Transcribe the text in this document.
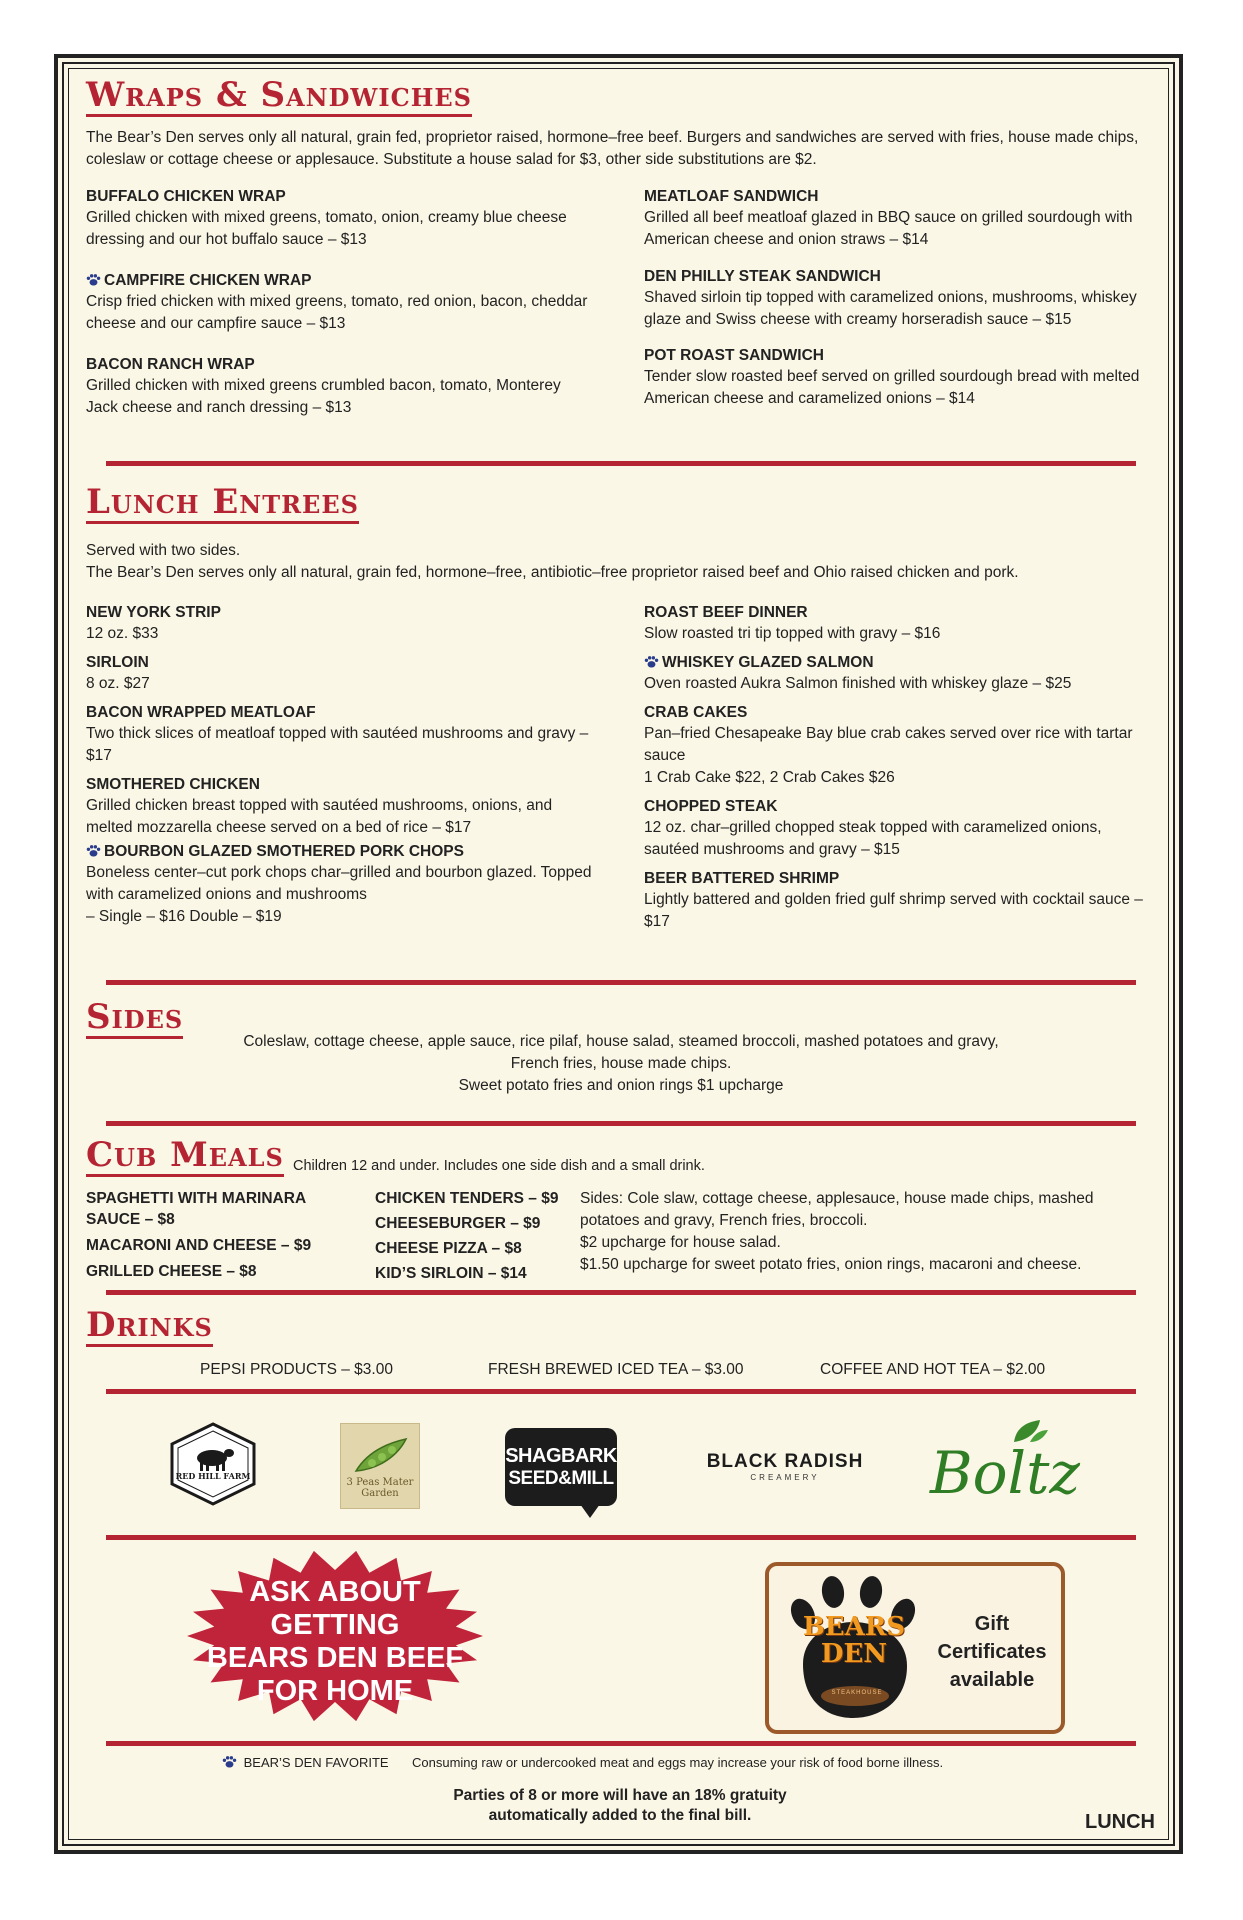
Wraps & Sandwiches
The Bear’s Den serves only all natural, grain fed, proprietor raised, hormone–free beef. Burgers and sandwiches are served with fries, house made chips, coleslaw or cottage cheese or applesauce. Substitute a house salad for $3, other side substitutions are $2.
BUFFALO CHICKEN WRAP
Grilled chicken with mixed greens, tomato, onion, creamy blue cheese dressing and our hot buffalo sauce – $13
CAMPFIRE CHICKEN WRAP
Crisp fried chicken with mixed greens, tomato, red onion, bacon, cheddar cheese and our campfire sauce – $13
BACON RANCH WRAP
Grilled chicken with mixed greens crumbled bacon, tomato, Monterey Jack cheese and ranch dressing – $13
MEATLOAF SANDWICH
Grilled all beef meatloaf glazed in BBQ sauce on grilled sourdough with American cheese and onion straws – $14
DEN PHILLY STEAK SANDWICH
Shaved sirloin tip topped with caramelized onions, mushrooms, whiskey glaze and Swiss cheese with creamy horseradish sauce – $15
POT ROAST SANDWICH
Tender slow roasted beef served on grilled sourdough bread with melted American cheese and caramelized onions – $14
Lunch Entrees
Served with two sides.
The Bear’s Den serves only all natural, grain fed, hormone–free, antibiotic–free proprietor raised beef and Ohio raised chicken and pork.
NEW YORK STRIP
12 oz. $33
SIRLOIN
8 oz. $27
BACON WRAPPED MEATLOAF
Two thick slices of meatloaf topped with sautéed mushrooms and gravy – $17
SMOTHERED CHICKEN
Grilled chicken breast topped with sautéed mushrooms, onions, and melted mozzarella cheese served on a bed of rice – $17
BOURBON GLAZED SMOTHERED PORK CHOPS
Boneless center–cut pork chops char–grilled and bourbon glazed. Topped with caramelized onions and mushrooms
– Single – $16 Double – $19
ROAST BEEF DINNER
Slow roasted tri tip topped with gravy – $16
WHISKEY GLAZED SALMON
Oven roasted Aukra Salmon finished with whiskey glaze – $25
CRAB CAKES
Pan–fried Chesapeake Bay blue crab cakes served over rice with tartar sauce
1 Crab Cake $22, 2 Crab Cakes $26
CHOPPED STEAK
12 oz. char–grilled chopped steak topped with caramelized onions, sautéed mushrooms and gravy – $15
BEER BATTERED SHRIMP
Lightly battered and golden fried gulf shrimp served with cocktail sauce – $17
Sides
Coleslaw, cottage cheese, apple sauce, rice pilaf, house salad, steamed broccoli, mashed potatoes and gravy,
French fries, house made chips.
Sweet potato fries and onion rings $1 upcharge
Cub Meals Children 12 and under. Includes one side dish and a small drink.
SPAGHETTI WITH MARINARA SAUCE – $8
MACARONI AND CHEESE – $9
GRILLED CHEESE – $8
CHICKEN TENDERS – $9
CHEESEBURGER – $9
CHEESE PIZZA – $8
KID’S SIRLOIN – $14
Sides: Cole slaw, cottage cheese, applesauce, house made chips, mashed potatoes and gravy, French fries, broccoli.
$2 upcharge for house salad.
$1.50 upcharge for sweet potato fries, onion rings, macaroni and cheese.
Drinks
PEPSI PRODUCTS – $3.00	FRESH BREWED ICED TEA – $3.00	COFFEE AND HOT TEA – $2.00
RED HILL FARM
3 Peas Mater Garden
SHAGBARK
SEED&MILL
BLACK RADISH
CREAMERY Boltz
ASK ABOUT
GETTING
BEARS DEN BEEF
FOR HOME
BEARS
DEN
STEAKHOUSE
Gift
Certificates
available
BEAR’S DEN FAVORITE Consuming raw or undercooked meat and eggs may increase your risk of food borne illness.
Parties of 8 or more will have an 18% gratuity
automatically added to the final bill.	LUNCH
